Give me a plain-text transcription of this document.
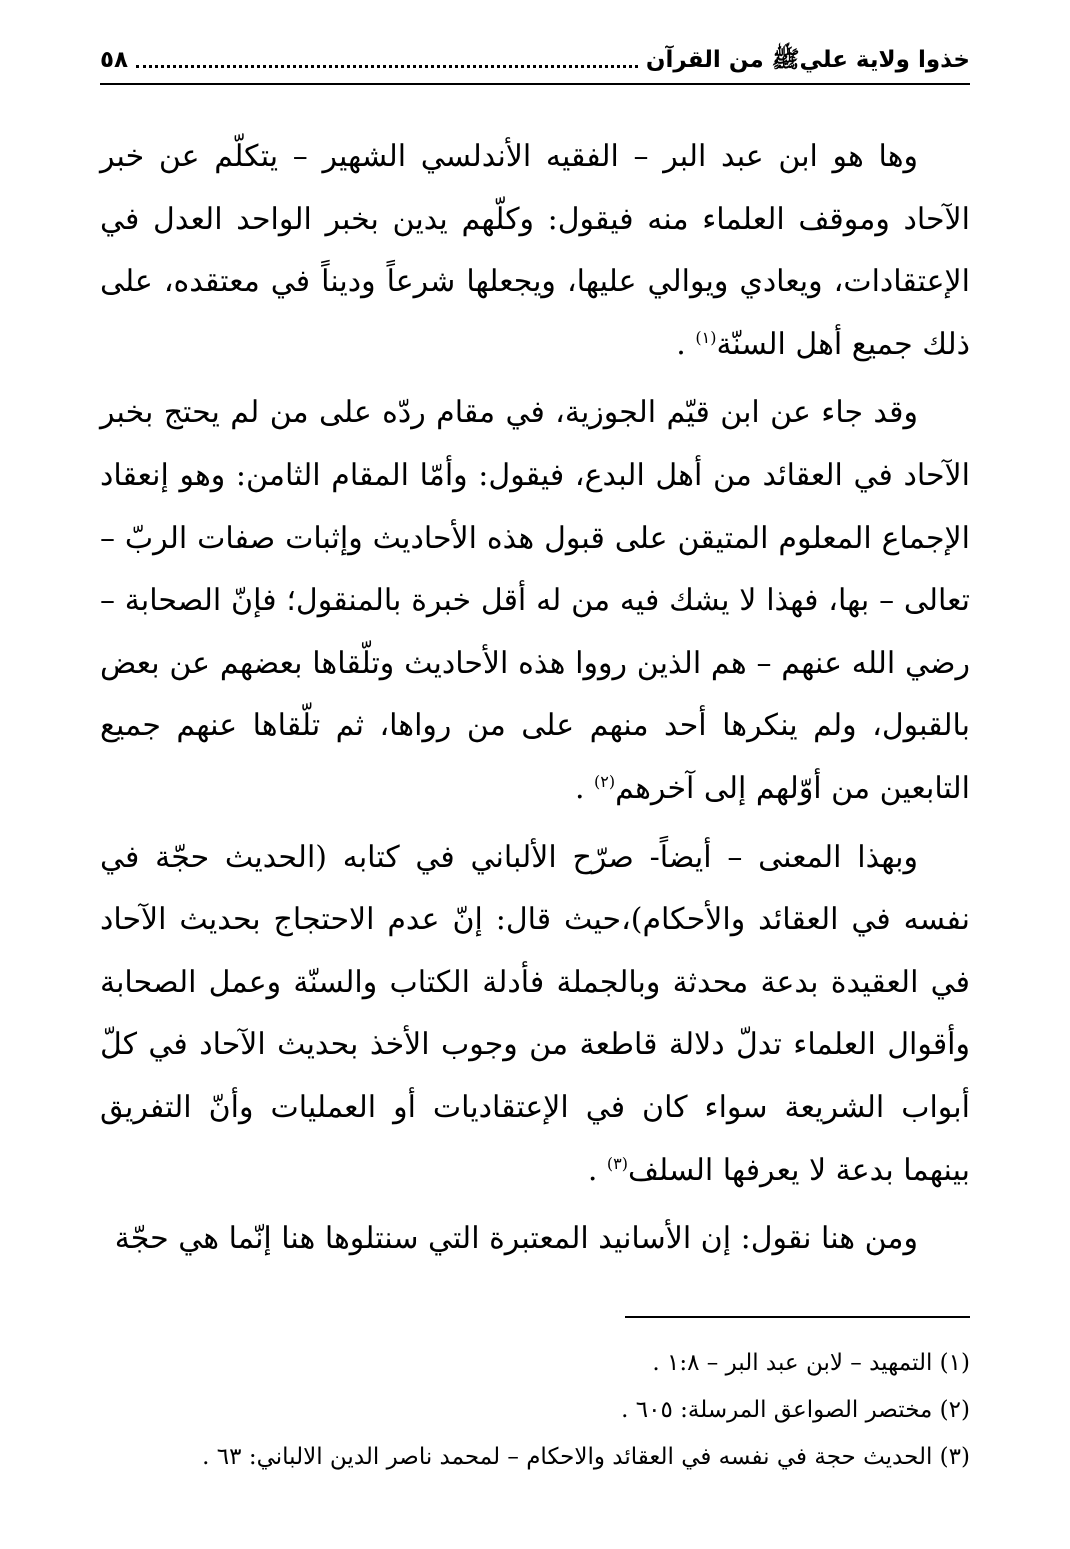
خذوا ولاية عليﷺ من القرآن
٥٨

وها هو ابن عبد البر – الفقيه الأندلسي الشهير – يتكلّم عن خبر الآحاد وموقف العلماء منه فيقول: وكلّهم يدين بخبر الواحد العدل في الإعتقادات، ويعادي ويوالي عليها، ويجعلها شرعاً وديناً في معتقده، على ذلك جميع أهل السنّة$^{(١)}$ .

وقد جاء عن ابن قيّم الجوزية، في مقام ردّه على من لم يحتج بخبر الآحاد في العقائد من أهل البدع، فيقول: وأمّا المقام الثامن: وهو إنعقاد الإجماع المعلوم المتيقن على قبول هذه الأحاديث وإثبات صفات الربّ – تعالى – بها، فهذا لا يشك فيه من له أقل خبرة بالمنقول؛ فإنّ الصحابة – رضي الله عنهم – هم الذين رووا هذه الأحاديث وتلّقاها بعضهم عن بعض بالقبول، ولم ينكرها أحد منهم على من رواها، ثم تلّقاها عنهم جميع التابعين من أوّلهم إلى آخرهم$^{(٢)}$ .

وبهذا المعنى – أيضاً- صرّح الألباني في كتابه (الحديث حجّة في نفسه في العقائد والأحكام)،حيث قال: إنّ عدم الاحتجاج بحديث الآحاد في العقيدة بدعة محدثة وبالجملة فأدلة الكتاب والسنّة وعمل الصحابة وأقوال العلماء تدلّ دلالة قاطعة من وجوب الأخذ بحديث الآحاد في كلّ أبواب الشريعة سواء كان في الإعتقاديات أو العمليات وأنّ التفريق بينهما بدعة لا يعرفها السلف$^{(٣)}$ .

ومن هنا نقول: إن الأسانيد المعتبرة التي سنتلوها هنا إنّما هي حجّة

(١) التمهيد – لابن عبد البر – ١:٨ .
(٢) مختصر الصواعق المرسلة: ٦٠٥ .
(٣) الحديث حجة في نفسه في العقائد والاحكام – لمحمد ناصر الدين الالباني: ٦٣ .
